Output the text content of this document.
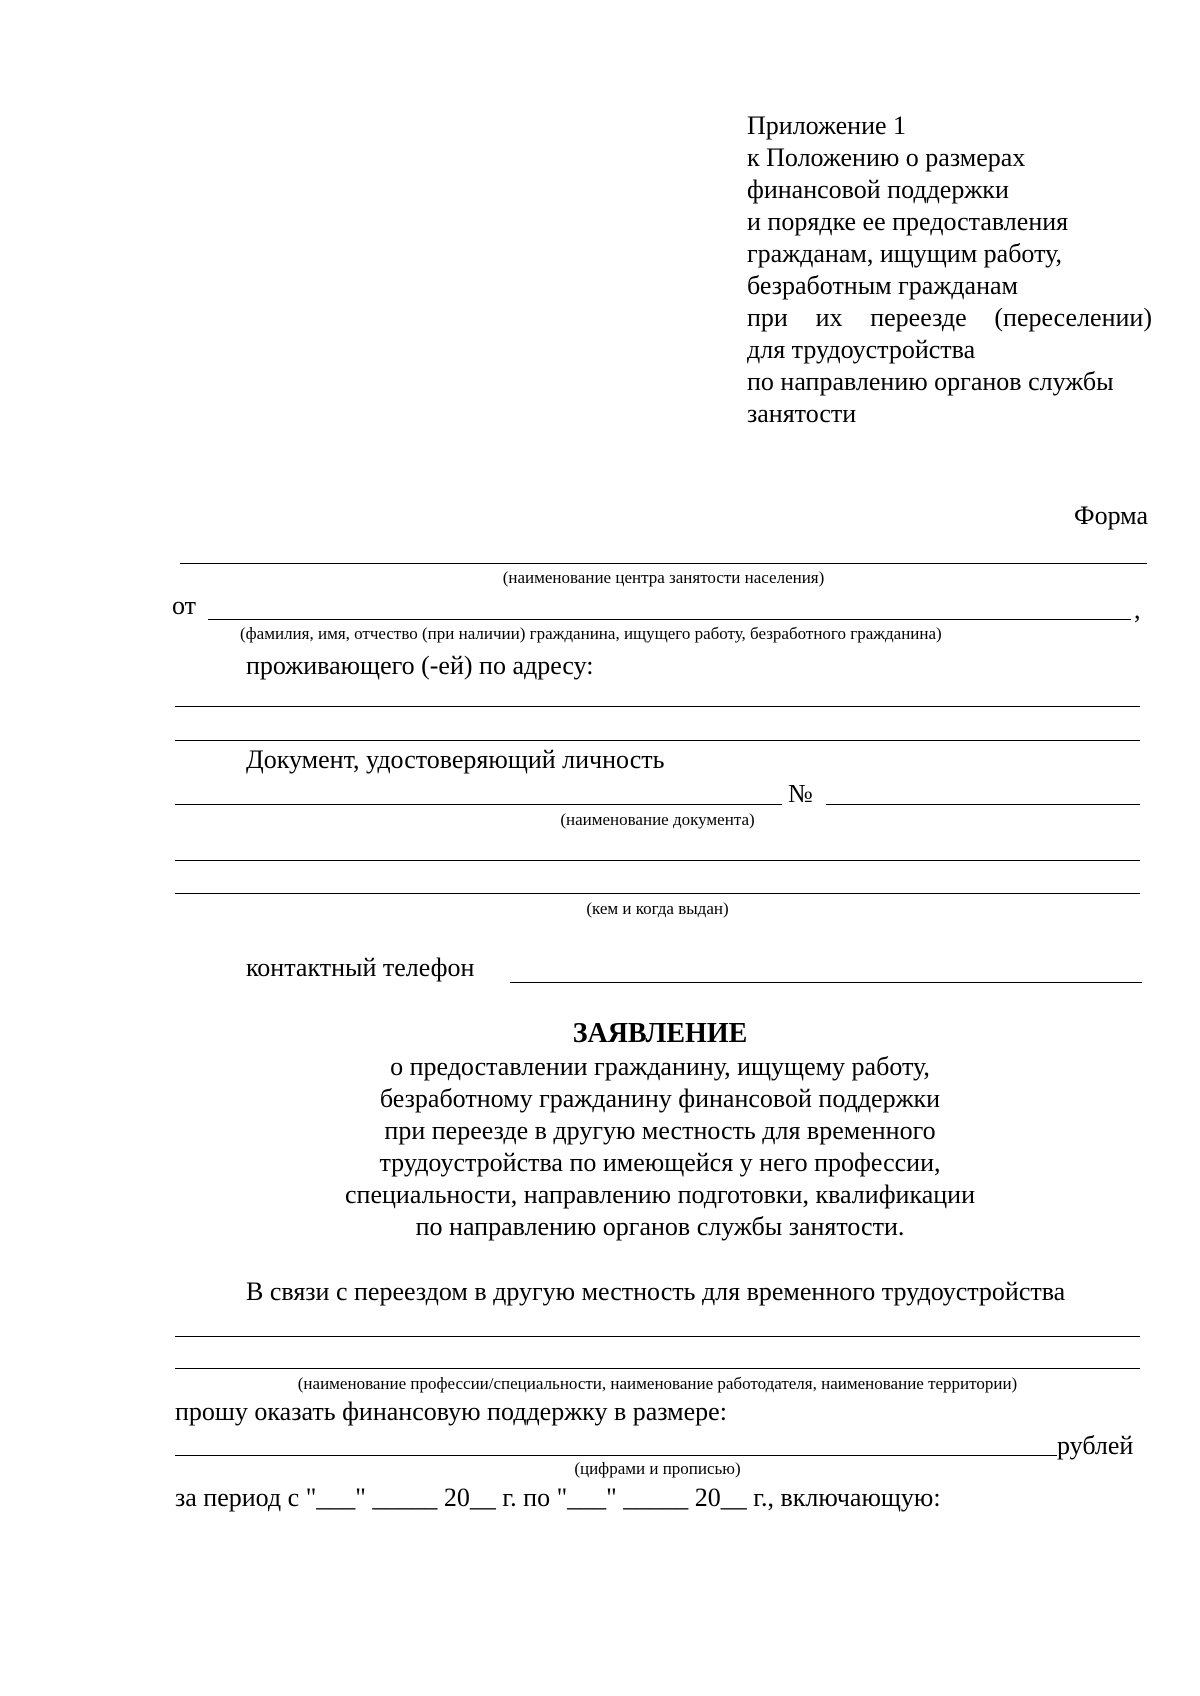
Приложение 1
к Положению о размерах
финансовой поддержки
и порядке ее предоставления
гражданам, ищущим работу,
безработным гражданам
при их переезде (переселении)
для трудоустройства
по направлению органов службы
занятости
Форма
(наименование центра занятости населения)
от	,
(фамилия, имя, отчество (при наличии) гражданина, ищущего работу, безработного гражданина)
проживающего (-ей) по адресу:
Документ, удостоверяющий личность
№
(наименование документа)
(кем и когда выдан)
контактный телефон
ЗАЯВЛЕНИЕ
о предоставлении гражданину, ищущему работу,
безработному гражданину финансовой поддержки
при переезде в другую местность для временного
трудоустройства по имеющейся у него профессии,
специальности, направлению подготовки, квалификации
по направлению органов службы занятости.
В связи с переездом в другую местность для временного трудоустройства
(наименование профессии/специальности, наименование работодателя, наименование территории)
прошу оказать финансовую поддержку в размере:
рублей
(цифрами и прописью)
за период с "___" _____ 20__ г. по "___" _____ 20__ г., включающую:
